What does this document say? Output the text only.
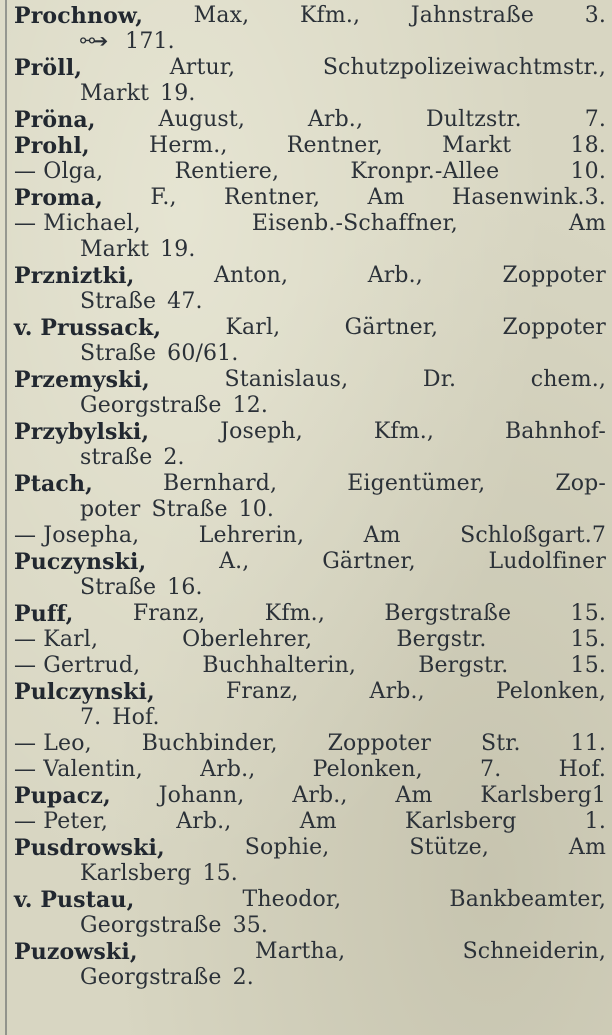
Prochnow, Max, Kfm., Jahnstraße 3.
⚯➔ 171.
Pröll,	Artur,	Schutzpolizeiwachtmstr.,
Markt 19.
Pröna,	August,	Arb.,	Dultzstr.	7.
Prohl,	Herm.,	Rentner,	Markt	18.
— Olga,	Rentiere,	Kronpr.-Allee	10.
Proma, F., Rentner, Am Hasenwink.3.
— Michael,	Eisenb.-Schaffner,	Am
Markt 19.
Przniztki,	Anton,	Arb.,	Zoppoter
Straße 47.
v. Prussack,	Karl,	Gärtner,	Zoppoter
Straße 60/61.
Przemyski,	Stanislaus,	Dr.	chem.,
Georgstraße 12.
Przybylski,	Joseph,	Kfm.,	Bahnhof-
straße 2.
Ptach,	Bernhard,	Eigentümer,	Zop-
poter Straße 10.
— Josepha,	Lehrerin,	Am	Schloßgart.7
Puczynski,	A.,	Gärtner,	Ludolfiner
Straße 16.
Puff,	Franz,	Kfm.,	Bergstraße	15.
— Karl,	Oberlehrer,	Bergstr.	15.
— Gertrud,	Buchhalterin,	Bergstr.	15.
Pulczynski,	Franz,	Arb.,	Pelonken,
7. Hof.
— Leo, Buchbinder, Zoppoter Str. 11.
— Valentin,	Arb.,	Pelonken,	7.	Hof.
Pupacz, Johann, Arb., Am Karlsberg1
— Peter,	Arb.,	Am	Karlsberg	1.
Pusdrowski,	Sophie,	Stütze,	Am
Karlsberg 15.
v. Pustau,	Theodor,	Bankbeamter,
Georgstraße 35.
Puzowski,	Martha,	Schneiderin,
Georgstraße 2.
